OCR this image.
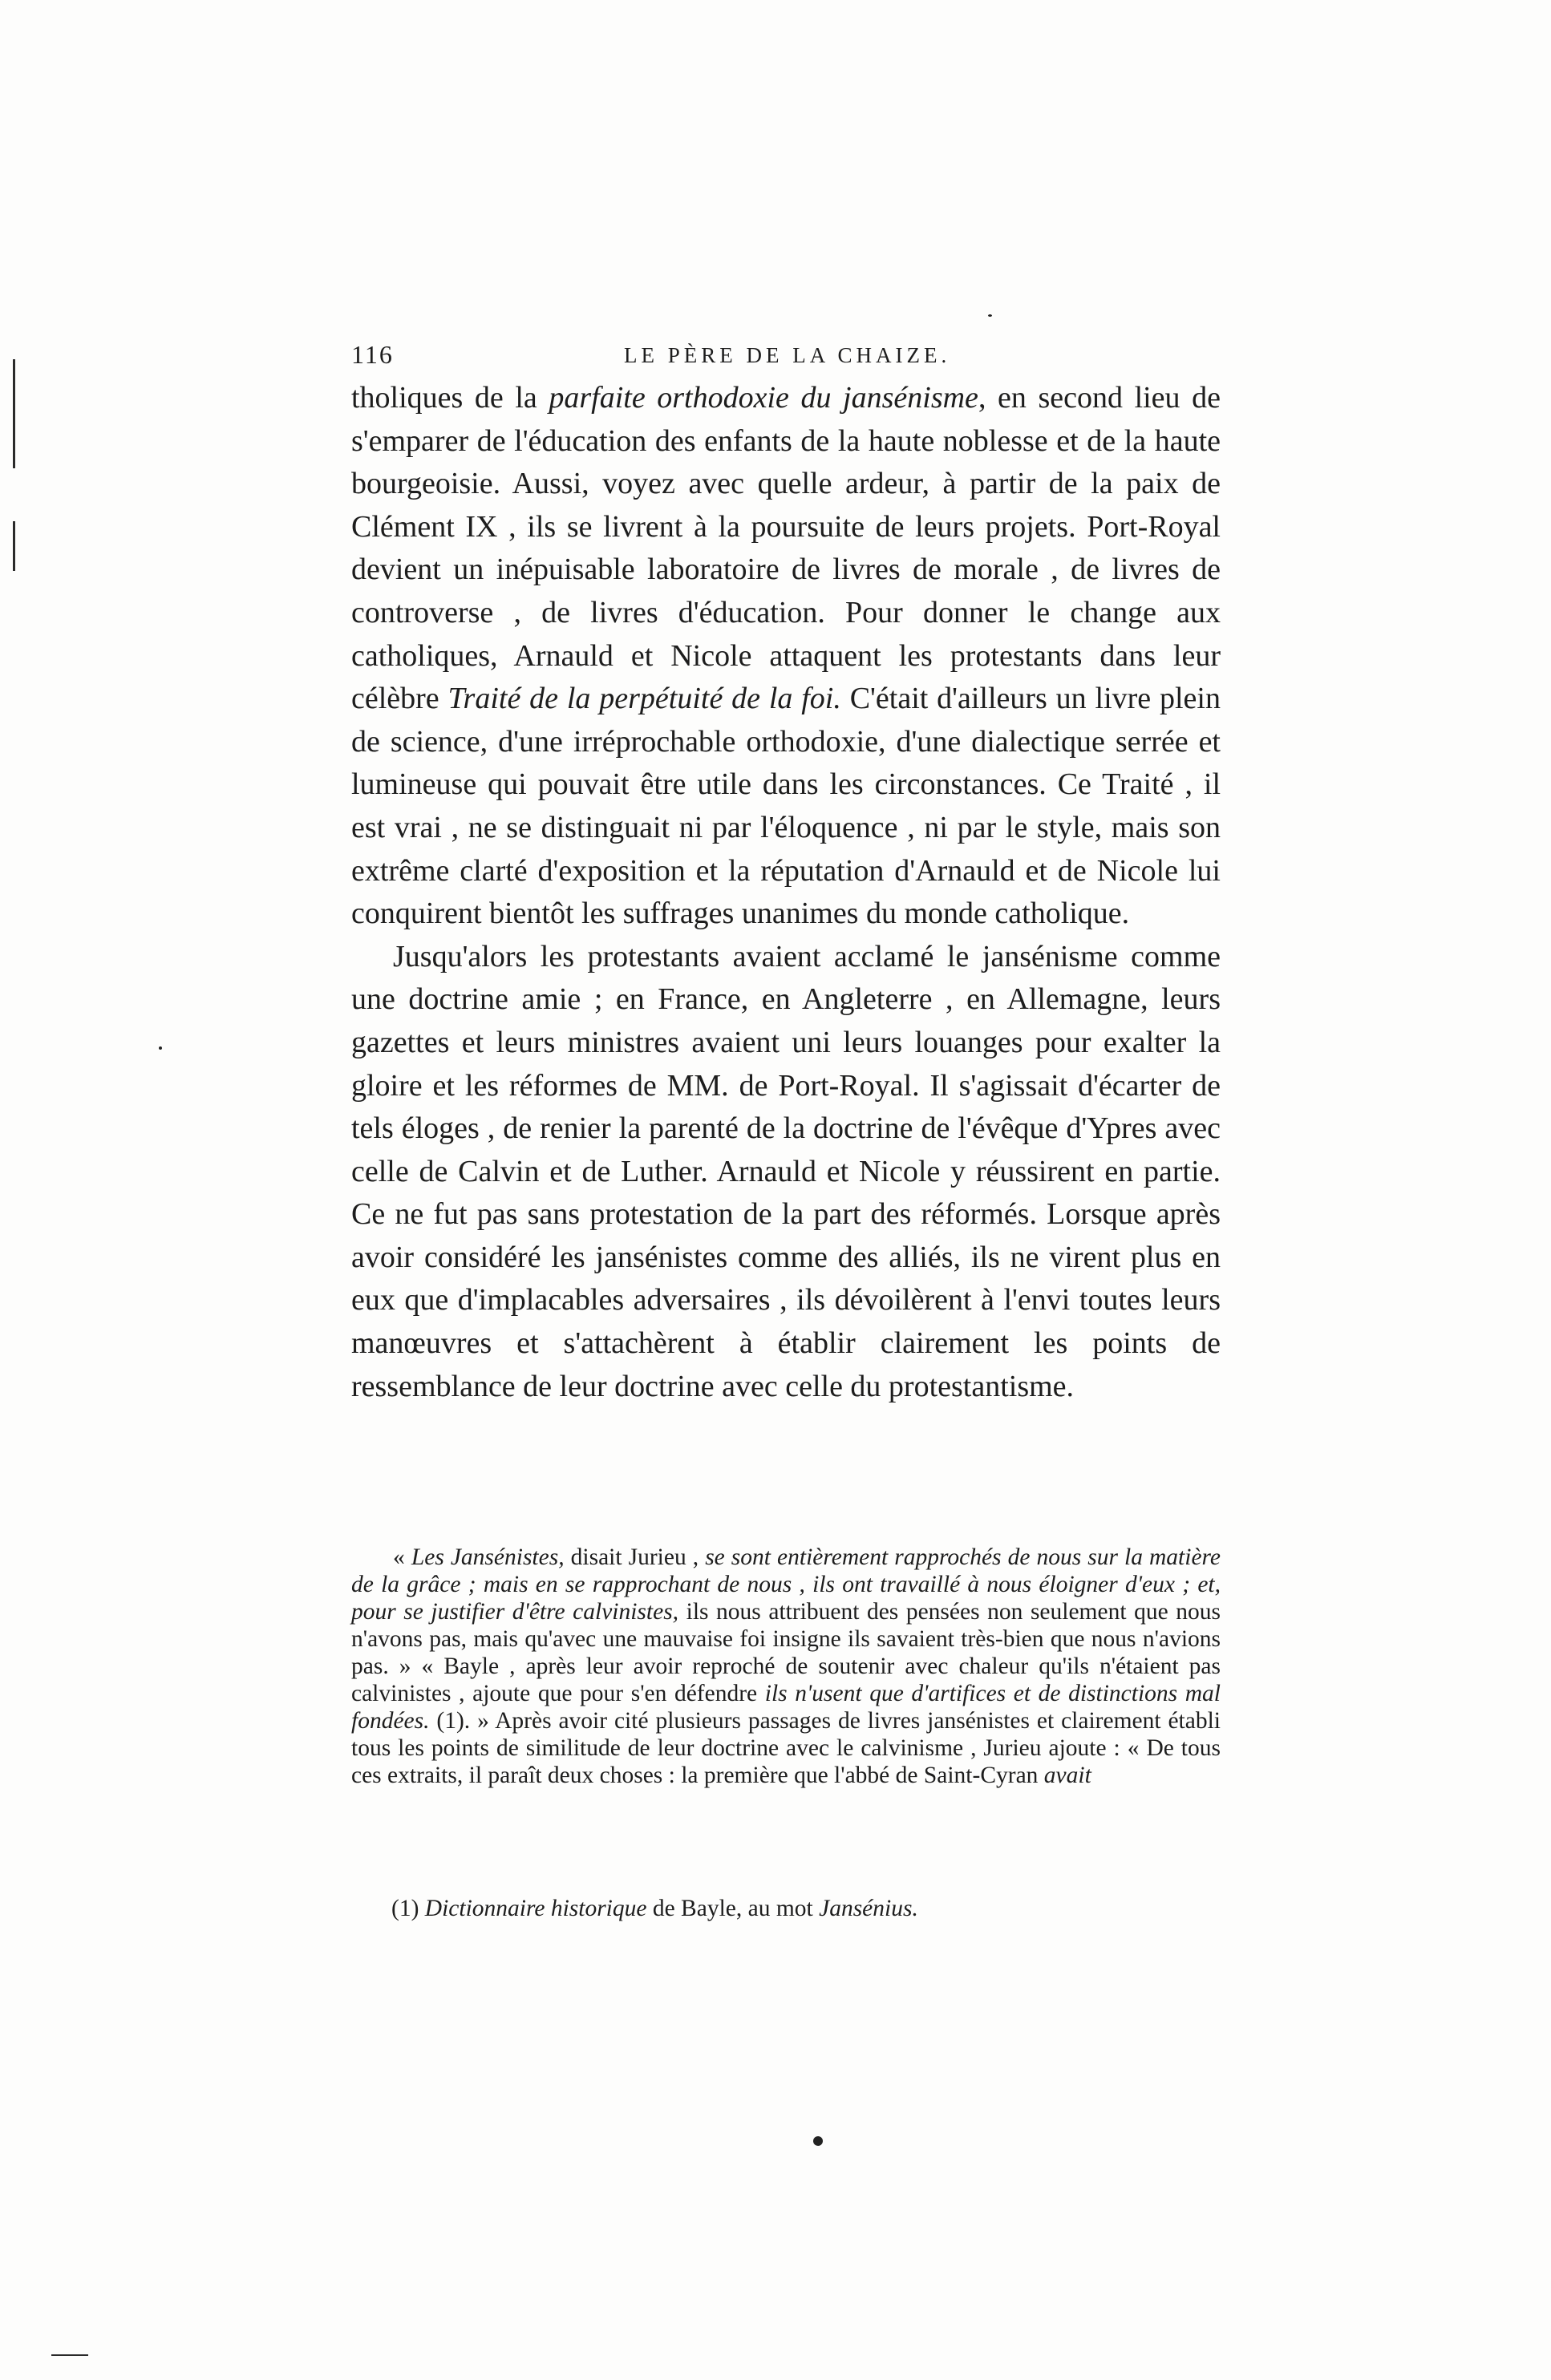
116	LE PÈRE DE LA CHAIZE.

tholiques de la parfaite orthodoxie du jansénisme, en second lieu de s'emparer de l'éducation des enfants de la haute noblesse et de la haute bourgeoisie. Aussi, voyez avec quelle ardeur, à partir de la paix de Clément IX , ils se livrent à la poursuite de leurs projets. Port-Royal devient un inépuisable laboratoire de livres de morale , de livres de controverse , de livres d'éducation. Pour donner le change aux catholiques, Arnauld et Nicole attaquent les protestants dans leur célèbre Traité de la perpétuité de la foi. C'était d'ailleurs un livre plein de science, d'une irréprochable orthodoxie, d'une dialectique serrée et lumineuse qui pouvait être utile dans les circonstances. Ce Traité , il est vrai , ne se distinguait ni par l'éloquence , ni par le style, mais son extrême clarté d'exposition et la réputation d'Arnauld et de Nicole lui conquirent bientôt les suffrages unanimes du monde catholique.

Jusqu'alors les protestants avaient acclamé le jansénisme comme une doctrine amie ; en France, en Angleterre , en Allemagne, leurs gazettes et leurs ministres avaient uni leurs louanges pour exalter la gloire et les réformes de MM. de Port-Royal. Il s'agissait d'écarter de tels éloges , de renier la parenté de la doctrine de l'évêque d'Ypres avec celle de Calvin et de Luther. Arnauld et Nicole y réussirent en partie. Ce ne fut pas sans protestation de la part des réformés. Lorsque après avoir considéré les jansénistes comme des alliés, ils ne virent plus en eux que d'implacables adversaires , ils dévoilèrent à l'envi toutes leurs manœuvres et s'attachèrent à établir clairement les points de ressemblance de leur doctrine avec celle du protestantisme.

« Les Jansénistes, disait Jurieu , se sont entièrement rapprochés de nous sur la matière de la grâce ; mais en se rapprochant de nous , ils ont travaillé à nous éloigner d'eux ; et, pour se justifier d'être calvinistes, ils nous attribuent des pensées non seulement que nous n'avons pas, mais qu'avec une mauvaise foi insigne ils savaient très-bien que nous n'avions pas. » « Bayle , après leur avoir reproché de soutenir avec chaleur qu'ils n'étaient pas calvinistes , ajoute que pour s'en défendre ils n'usent que d'artifices et de distinctions mal fondées. (1). » Après avoir cité plusieurs passages de livres jansénistes et clairement établi tous les points de similitude de leur doctrine avec le calvinisme , Jurieu ajoute : « De tous ces extraits, il paraît deux choses : la première que l'abbé de Saint-Cyran avait

(1) Dictionnaire historique de Bayle, au mot Jansénius.
